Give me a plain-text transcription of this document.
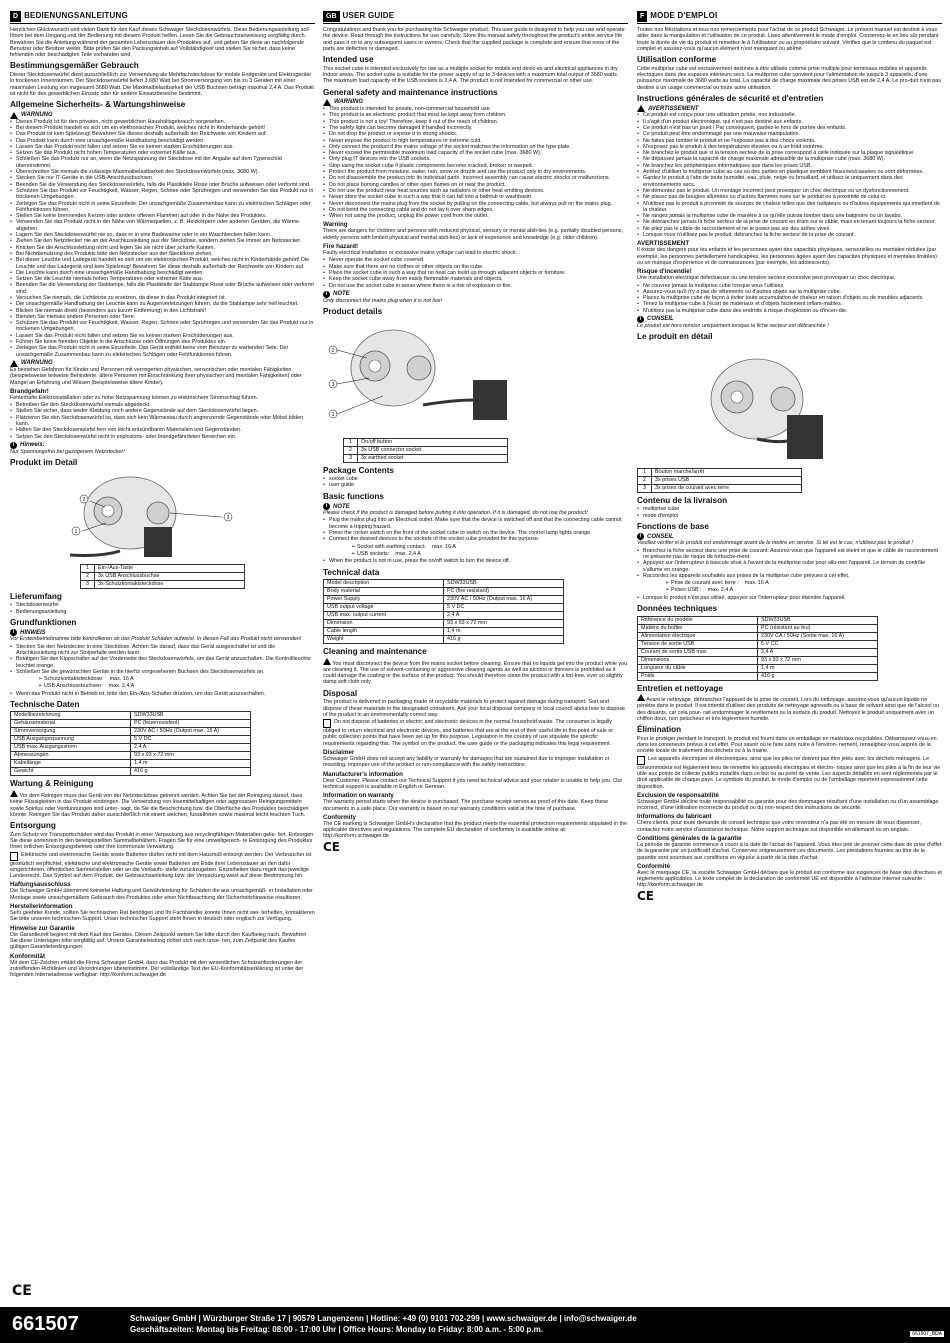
D BEDIENUNGSANLEITUNG

Herzlichen Glückwunsch und vielen Dank für den Kauf dieses Schwaiger Steckdosenwürfels. Diese Bedienungsanleitung soll Ihnen bei dem Umgang und der Bedienung mit diesem Produkt helfen. Lesen Sie die Gebrauchsanweisung sorgfältig durch. Bewahren Sie die Anleitung während der gesamten Lebensdauer des Produktes auf, und geben Sie diese an nachfolgende Benutzer oder Besitzer weiter. Bitte prüfen Sie den Packungsinhalt auf Vollständigkeit und stellen Sie sicher, dass keine fehlenden oder beschädigten Teile vorhanden sind.

Bestimmungsgemäßer Gebrauch

Dieser Steckdosenwürfel dient ausschließlich zur Verwendung als Mehrfachsteckdose für mobile Endgeräte und Elektrogeräte in trockenen Innenräumen. Der Steckdosenwürfel liefert 3.680 Watt bei Stromversorgung von bis zu 3 Geräten mit einer maximalen Leistung von insgesamt 3680 Watt. Die Maximalbelastbarkeit der USB Buchsen beträgt maximal 2,4 A. Das Produkt ist nicht für den gewerblichen Einsatz oder für andere Einsatzbereiche bestimmt.

Allgemeine Sicherheits- & Wartungshinweise
WARNUNG
• Dieses Produkt ist für den privaten, nicht gewerblichen Haushaltsgebrauch vorgesehen.
• Bei diesem Produkt handelt es sich um ein elektronisches Produkt, welches nicht in Kinderhände gehört!
• Das Produkt ist kein Spielzeug! Bewahren Sie dieses deshalb außerhalb der Reichweite von Kindern auf.
• Das Produkt kann durch eine unsachgemäße Handhabung beschädigt werden.
• Lassen Sie das Produkt nicht fallen und setzen Sie es keinen starken Erschütterungen aus.
• Setzen Sie das Produkt nicht hohen Temperaturen oder extremer Kälte aus.
• Schließen Sie das Produkt nur an, wenn die Netzspannung der Steckdose mit der Angabe auf dem Typenschild übereinstimmt.
• Überschreiten Sie niemals die zulässige Maximalbelastbarkeit des Steckdosenwürfels (max. 3680 W).
• Stecken Sie nur IT-Geräte in die USB-Anschlussbuchsen.
• Beenden Sie die Verwendung des Steckdosenwürfels, falls die Plastikteile Risse oder Brüche aufweisen oder verformt sind.
• Schützen Sie das Produkt vor Feuchtigkeit, Wasser, Regen, Schnee oder Sprühregen und verwenden Sie das Produkt nur in trockenen Umgebungen.
• Zerlegen Sie das Produkt nicht in seine Einzelteile. Der unsachgemäße Zusammenbau kann zu elektrischen Schlägen oder Fehlfunktionen führen.
• Stellen Sie keine brennenden Kerzen oder andere offenen Flammen auf oder in die Nähe des Produktes.
• Verwenden Sie das Produkt nicht in der Nähe von Wärmequellen, z. B. Heizkörpern oder anderen Geräten, die Wärme abgeben.
• Lagern Sie den Steckdosenwürfel nie so, dass er in eine Badewanne oder in ein Waschbecken fallen kann.
• Ziehen Sie den Netzstecker nie an der Anschlussleitung aus der Steckdose, sondern ziehen Sie immer am Netzstecker.
• Knicken Sie die Anschlussleitung nicht und legen Sie sie nicht über scharfe Kanten.
• Bei Nichtbenutzung des Produkts bitte den Netzstecker aus der Steckdose ziehen.
• Bei dieser Leuchte und Ladegerät handelt es sich um ein elektronisches Produkt, welches nicht in Kinderhände gehört! Die Leuchte und das Ladegerät sind kein Spielzeug! Bewahren Sie diese deshalb außerhalb der Reichweite von Kindern auf.
• Die Leuchte kann durch eine unsachgemäße Handhabung beschädigt werden.
• Setzen Sie die Leuchte niemals hohen Temperaturen oder extremer Kälte aus.
• Beenden Sie die Verwendung der Stablampe, falls die Plastikteile der Stablampe Risse oder Brüche aufweisen oder verformt sind.
• Versuchen Sie niemals, die Lichtleiste zu ersetzen, da diese in das Produkt integriert ist.
• Die unsachgemäße Handhabung der Leuchte kann zu Augenverletzungen führen, da die Stablampe sehr hell leuchtet.
• Blicken Sie niemals direkt (besonders aus kurzer Entfernung) in den Lichtstrahl!
• Blenden Sie niemals andere Personen oder Tiere.
• Schützen Sie das Produkt vor Feuchtigkeit, Wasser, Regen, Schnee oder Sprühregen und verwenden Sie das Produkt nur in trockenen Umgebungen.
• Lassen Sie das Produkt nicht fallen und setzen Sie es keinen starken Erschütterungen aus.
• Führen Sie keine fremden Objekte in die Anschlüsse oder Öffnungen des Produktes ein.
• Zerlegen Sie das Produkt nicht in seine Einzelteile. Das Gerät enthält keine vom Benutzer zu wartenden Teile. Der unsachgemäße Zusammenbau kann zu elektrischen Schlägen oder Fehlfunktionen führen.
WARNUNG

Es bestehen Gefahren für Kinder und Personen mit verringerten physischen, sensorischen oder mentalen Fähigkeiten (beispielsweise teilweise Behinderte, ältere Personen mit Einschränkung ihrer physischen und mentalen Fähigkeiten) oder Mangel an Erfahrung und Wissen (beispielsweise ältere Kinder).

Brandgefahr!

Fehlerhafte Elektroinstallation oder zu hohe Netzspannung können zu elektrischem Stromschlag führen.

• Betreiben Sie den Steckdosenwürfel niemals abgedeckt.
• Stellen Sie sicher, dass weder Kleidung noch andere Gegenstände auf dem Steckdosenwürfel liegen.
• Platzieren Sie den Steckdosenwürfel so, dass sich kein Wärmestau durch angrenzende Gegenstände oder Möbel bilden kann.
• Halten Sie den Steckdosenwürfel fern von leicht entzündbaren Materialien und Gegenständen.
• Setzen Sie den Steckdosenwürfel nicht in explosions- oder brandgefährdeten Bereichen ein.
i Hinweis:

Nur Spannungsfrei bei gezogenem Netzstecker!

Produkt im Detail
2
1
3
1	Ein-/Aus-Taste
2	3x USB Anschlussbuchse
3	3x Schutzkontaktsteckdose
Lieferumfang
• Steckdosenwürfel
• Bedienungsanleitung
Grundfunktionen
i HINWEIS

Vor Ersteinbetriebnahme bitte kontrollieren ob das Produkt Schäden aufweist. In diesen Fall das Produkt nicht verwenden!

• Stecken Sie den Netzstecker in eine Steckdose. Achten Sie darauf, dass das Gerät ausgeschaltet ist und die Anschlussleitung nicht zur Stolperfalle werden kann.
• Betätigen Sie den Kippschalter auf der Vorderseite des Steckdosenwürfels, um das Gerät anzuschalten. Die Kontrollleuchte leuchtet orange.
• Schließen Sie die gewünschten Geräte in die hierfür vorgesehenen Buchsen des Steckdosenwürfels an.

➢ Schutzkontaktsteckdose: max. 16 A

➢ USB Anschlussbuchsen: max. 2,4 A

• Wenn das Produkt nicht in Betrieb ist, bitte den Ein-/Aus-Schalter drücken, um das Gerät auszuschalten.
Technische Daten
Modellbezeichnung	SDW33USB
Gehäusematerial	PC (feuerresistent)
Stromversorgung	230V AC / 50Hz (Output max. 16 A)
USB Ausgangsspannung	5 V DC
USB max. Ausgangsstrom	2,4 A
Abmessungen	93 x 93 x 72 mm
Kabellänge	1,4 m
Gewicht	416 g
Wartung & Reinigung

Vor dem Reinigen muss das Gerät von der Netzsteckdose getrennt werden. Achten Sie bei der Reinigung darauf, dass keine Flüssigkeiten in das Produkt eindringen. Die Verwendung von lösemittelhaltigen oder aggressiven Reinigungsmitteln sowie Spiritus oder Verdünnungen sind unter- sagt, da Sie die Beschichtung bzw. die Oberfläche des Produktes beschädigen könnte. Reinigen Sie das Produkt daher ausschließlich mit einem weichen, fusselfreien sowie maximal leicht feuchten Tuch.

Entsorgung

Zum Schutz vor Transportschäden wird das Produkt in einer Verpackung aus recyclingfähigen Materialien gelie- fert. Entsorgen Sie diese sortenrein in den bereitgestellten Sammelbehältern. Fragen Sie für eine umweltgerech- te Entsorgung des Produktes Ihren örtlichen Entsorgungsbetrieb oder Ihre kommunale Verwaltung.

Elektrische und elektronische Geräte sowie Batterien dürfen nicht mit dem Hausmüll entsorgt werden. Der Verbraucher ist gesetzlich verpflichtet, elektrische und elektronische Geräte sowie Batterien am Ende ihrer Lebensdauer an den dafür eingerichteten, öffentlichen Sammelstellen oder an die Verkaufs- stelle zurückzugeben. Einzelheiten dazu regelt das jeweilige Landesrecht. Das Symbol auf dem Produkt, der Gebrauchsanleitung bzw. der Verpackung weist auf diese Bestimmung hin.

Haftungsausschluss

Die Schwaiger GmbH übernimmt keinerlei Haftung und Gewährleistung für Schäden die aus unsachgemäß- er Installation oder Montage sowie unsachgemäßem Gebrauch des Produktes oder einer Nichtbeachtung der Sicherheitshinweise resultieren.

Herstellerinformation

Sehr geehrter Kunde, sollten Sie technischen Rat benötigen und Ihr Fachhändler konnte Ihnen nicht wei- terhelfen, kontaktieren Sie bitte unseren technischen Support. Unser technischer Support steht Ihnen in deutsch oder englisch zur Verfügung.

Hinweise zur Garantie

Die Garantiezeit beginnt mit dem Kauf des Gerätes. Diesen Zeitpunkt weisen Sie bitte durch den Kaufbeleg nach. Bewahren Sie diese Unterlagen bitte sorgfältig auf. Unsere Garantieleistung richtet sich nach unse- ren, zum Zeitpunkt des Kaufes gültigen Garantiebedingungen.

Konformität

Mit dem CE-Zeichen erklärt die Firma Schwaiger GmbH, dass das Produkt mit den wesentlichen Schutzanforderungen der zutreffenden Richtlinien und Verordnungen übereinstimmt. Der vollständige Text der EU-Konformitätserklärung ist unter der folgenden Internetadresse verfügbar: http://konform.schwaiger.de

GB USER GUIDE

Congratulations and thank you for purchasing this Schwaiger product. This user guide is designed to help you use and operate the device. Read through the instructions for use carefully. Store this manual safely throughout the product's entire service life and pass it on to any subsequent users or owners. Check that the supplied package is complete and ensure that none of the parts are defective or damaged.

Intended use

This socket cube is intended exclusively for use as a multiple socket for mobile end devic-es and electrical appliances in dry indoor areas. The socket cube is suitable for the power supply of up to 3 devices with a maximum total output of 3680 watts. The maximum load capacity of the USB sockets is 2,4 A. The product is not intended for commercial or other use.

General safety and maintenance instructions
WARNING
• This product is intended for private, non-commercial household use.
• This product is an electronic product that must be kept away from children.
• This product is not a toy! Therefore, keep it out of the reach of children.
• The safety light can become damaged if handled incorrectly.
• Do not drop the product or expose it to strong shocks.
• Never expose the product to high temperatures or extreme cold.
• Only connect the product if the mains voltage of the socket matches the information on the type plate.
• Never exceed the permissible maximum load capacity of the socket cube (max. 3680 W).
• Only plug IT devices into the USB sockets.
• Stop using the socket cube if plastic components become cracked, broken or warped.
• Protect the product from moisture, water, rain, snow or drizzle and use the product only in dry environments.
• Do not disassemble the product into its individual parts. Incorrect assembly can cause electric shocks or malfunctions.
• Do not place burning candles or other open flames on or near the product.
• Do not use the product near heat sources such as radiators or other heat emitting devices.
• Never store the socket cube in such a way that it can fall into a bathtub or washbasin.
• Never disconnect the mains plug from the socket by pulling on the connecting cable, but always pull on the mains plug.
• Do not bend the connecting cable and do not lay it over sharp edges.
• When not using the product, unplug the power cord from the outlet.
Warning

There are dangers for children and persons with reduced physical, sensory or mental abili-ties (e.g. partially disabled persons, elderly persons with limited physical and mental abili-ties) or lack of experience and knowledge (e.g. older children).

Fire hazard!

Faulty electrical installation or excessive mains voltage can lead to electric shock.

• Never operate the socket cube covered.
• Make sure that there are no clothes or other objects on the cube.
• Place the socket cube in such a way that no heat can build up through adjacent objects or furniture.
• Keep the socket cube away from easily flammable materials and objects.
• Do not use the socket cube in areas where there is a risk of explosion or fire.
i NOTE

Only disconnect the mains plug when it is not live!

Product details
2
3
1
1	On/off button
2	3x USB connector socket
3	3x earthed socket
Package Contents
• socket cube
• user guide
Basic functions
i NOTE

Please check if the product is damaged before putting it into operation. If it is damaged, do not use the product!

• Plug the mains plug into an Electrical outlet. Make sure that the device is switched off and that the connecting cable cannot become a tripping hazard.
• Press the rocker switch on the front of the socket cube to switch on the device. The control lamp lights orange.
• Connect the desired devices to the sockets of the socket cube provided for this purpose.

➢ Socket with earthing contact: max. 16 A

➢ USB sockets: max. 2,4 A

• When the product is not in use, press the on/off switch to turn the device off.
Technical data
Model description	SDW33USB
Body material	PC (fire resistant)
Power Supply	230V AC / 50Hz (Output max. 16 A)
USB output voltage	5 V DC
USB max. output current	2,4 A
Dimension	93 x 93 x 72 mm
Cable length	1,4 m
Weight	416 g
Cleaning and maintenance

You must disconnect the device from the mains socket before cleaning. Ensure that no liquids get into the product while you are cleaning it. The use of solvent-containing or aggressive cleaning agents as well as alcohol or thinners is prohibited as it could damage the coating or the surface of the product. You should therefore clean the product with a lint-free, ever so slightly damp soft cloth only.

Disposal

The product is delivered in packaging made of recyclable materials to protect against damage during transport. Sort and dispose of these materials in the designated containers. Ask your local disposal company or local council about how to dispose of the product in an environmentally correct way.

Do not dispose of batteries or electric and electronic devices in the normal household waste. The consumer is legally obliged to return electrical and electronic devices, and batteries that are at the end of their useful life to the point of sale or public collection points that have been set up for this purpose. Legislation in the country of use stipulate the specific requirements regarding this. The symbol on the product, the user guide or the packaging indicates this legal requirement.

Disclaimer

Schwaiger GmbH does not accept any liability or warranty for damages that are sustained due to improper installation or mounting, improper use of the product or non-compliance with the safety instructions.

Manufacturer's information

Dear Customer, Please contact our Technical Support if you need technical advice and your retailer is unable to help you. Our technical support is available in English or German.

Information on warranty

The warranty period starts when the device is purchased. The purchase receipt serves as proof of this date. Keep these documents in a safe place. Our warranty is based on our warranty conditions valid at the time of purchase.

Conformity

The CE marking is Schwaiger GmbH's declaration that the product meets the essential protection requirements stipulated in the applicable directives and regulations. The complete EU declaration of conformity is available online at: http://konform.schwaiger.de

CE
F MODE D'EMPLOI

Toutes nos félicitations et tous nos remerciements pour l'achat de ce produit Schwaiger. Le présent manuel est destiné à vous aider dans la manipulation et l'utilisation de ce produit. Lisez attentivement le mode d'emploi. Conservez-le en lieu sûr pendant toute la durée de vie du produit et remettez-le à l'utilisateur ou au propriétaire suivant. Vérifiez que le contenu du paquet est complet et assurez-vous qu'aucun élément n'est manquant ou abîmé.

Utilisation conforme

Cette multiprise cube est exclusivement destinée à être utilisée comme prise multiple pour terminaux mobiles et appareils électriques dans des espaces intérieurs secs. La multiprise cube convient pour l'alimentation de jusqu'à 3 appareils, d'une puissance maximale de 3680 watts au total. La capacité de charge maximale des prises USB est de 2,4 A. Le pro-duit n'est pas destiné à un usage commercial ou toute autre utilisation.

Instructions générales de sécurité et d'entretien
AVERTISSEMENT
• Ce produit est conçu pour une utilisation privée, non industrielle.
• Il s'agit d'un produit électronique, qui n'est pas destiné aux enfants.
• Ce produit n'est pas un jouet ! Par conséquent, gardez-le hors de portée des enfants.
• Ce produit peut être endommagé par une mauvaise manipulation.
• Ne faites pas tomber le produit et ne l'exposez pas à des chocs violents.
• N'exposez pas le produit à des températures élevées ou à un froid extrême.
• Ne branchez le produit que si la tension secteur de la prise correspond à celle indiquée sur la plaque signalétique.
• Ne dépassez jamais la capacité de charge maximale admissible de la multiprise cube (max. 3680 W).
• Ne branchez les périphériques informatiques que dans les prises USB.
• Arrêtez d'utiliser la multiprise cube au cas où des parties en plastique semblent fissurées/cassées ou sont déformées.
• Gardez le produit à l'abri de toute humidité, eau, pluie, neige ou brouillard, et utilisez-le uniquement dans des environnements secs.
• Ne démontez pas le produit. Un montage incorrect peut provoquer un choc électrique ou un dysfonctionnement.
• Ne placez pas de bougies allumées ou d'autres flammes nues sur le produit ou à proximité de celui-ci.
• N'utilisez pas le produit à proximité de sources de chaleur telles que des radiateurs ou d'autres équipements qui émettent de la chaleur.
• Ne rangez jamais la multiprise cube de manière à ce qu'elle puisse tomber dans une baignoire ou un lavabo.
• Ne débranchez jamais la fiche secteur de la prise de courant en tirant sur le câble, mais en tenant toujours la fiche secteur.
• Ne pliez pas le câble de raccordement et ne le posez pas sur des arêtes vives.
• Lorsque vous n'utilisez pas le produit, débranchez la fiche secteur de la prise de courant.
AVERTISSEMENT

Il existe des dangers pour les enfants et les personnes ayant des capacités physiques, sensorielles ou mentales réduites (par exemple, les personnes partiellement handicapées, les personnes âgées ayant des capacités physiques et mentales limitées) ou un manque d'expérience et de connaissances (par exemple, les adolescents).

Risque d'incendie!

Une installation électrique défectueuse ou une tension secteur excessive peut provoquer un choc électrique.

• Ne couvrez jamais la multiprise cube lorsque vous l'utilisez.
• Assurez-vous qu'il n'y a pas de vêtements ou d'autres objets sur la multiprise cube.
• Placez la multiprise cube de façon à éviter toute accumulation de chaleur en raison d'objets ou de meubles adjacents.
• Tenez la multiprise cube à l'écart de matériaux et d'objets facilement inflam-mables.
• N'utilisez pas la multiprise cube dans des endroits à risque d'explosion ou d'incen-die.
i CONSEIL

Le produit est hors tension uniquement lorsque la fiche secteur est débranchée !

Le produit en détail
1	Bouton marche/arrêt
2	3x prises USB
3	3x prises de courant avec terre
Contenu de la livraison
• multiprise cube
• mode d'emploi
Fonctions de base
i CONSEIL

Veuillez vérifier si le produit est endommagé avant de le mettre en service. Si tel est le cas, n'utilisez pas le produit !

• Branchez la fiche secteur dans une prise de courant. Assurez-vous que l'appareil est éteint et que le câble de raccordement ne présente pas de risque de trébuche-ment.
• Appuyez sur l'interrupteur à bascule situé à l'avant de la multiprise cube pour allu-mer l'appareil. Le témoin de contrôle s'allume en orange.
• Raccordez les appareils souhaités aux prises de la multiprise cube prévues à cet effet.

➢ Prise de courant avec terre : max. 16 A

➢ Prises USB : max. 2,4 A

• Lorsque le produit n'est pas utilisé, appuyez sur l'interrupteur pour éteindre l'appareil.
Données techniques
Référence du modèle	SDW33USB
Matière du boîtier	PC (résistant au feu)
Alimentation électrique	230V CA / 50Hz (Sortie max. 16 A)
Tension de sortie USB	5 V CC
Courant de sortie USB max.	2,4 A
Dimensions	93 x 93 x 72 mm
Longueur du câble	1,4 m
Poids	416 g
Entretien et nettoyage

Avant le nettoyage, débranchez l'appareil de la prise de courant. Lors du nettoyage, assurez-vous qu'aucun liquide ne pénètre dans le produit. Il est interdit d'utiliser des produits de nettoyage agressifs ou à base de solvant ainsi que de l'alcool ou des diluants, car cela pour- rait endommager le revêtement ou la surface du produit. Nettoyez le produit uniquement avec un chiffon doux, non pelucheux et très légèrement humide.

Élimination

Pour le protéger pendant le transport, le produit est fourni dans un emballage en matériaux recyclables. Débarrassez-vous-en dans les conteneurs prévus à cet effet. Pour savoir où le faire sans nuire à l'environ- nement, renseignez-vous auprès de la société locale de traitement des déchets ou à la mairie.

Les appareils électriques et électroniques, ainsi que les piles ne doivent pas être jetés avec les déchets ménagers. Le consommateur est légalement tenu de remettre les appareils électriques et électro- niques ainsi que les piles à la fin de leur vie utile aux points de collecte publics installés dans ce but ou au point de vente. Les aspects détaillés en sont réglementés par le droit applicable de chaque pays. Le symbole du produit, le mode d'emploi ou de l'emballage reportent expressément cette disposition.

Exclusion de responsabilité

Schwaiger GmbH décline toute responsabilité ou garantie pour des dommages résultant d'une installation ou d'un assemblage incorrect, d'une utilisation incorrecte du produit ou du non-respect des instructions de sécurité.

Informations du fabricant

Chers clients, pour toute demande de conseil technique que votre revendeur n'a pas été en mesure de vous dispenser, contactez notre service d'assistance technique. Notre support technique est disponible en allemand ou en anglais.

Conditions générales de la garantie

La période de garantie commence à courir à la date de l'achat de l'appareil. Vous êtes prié de prouver cette date de prise d'effet de la garantie par un justificatif d'achat. Conservez soigneusement ces documents. Les prestations fournies au titre de la garantie sont soumises aux conditions en vigueur à partir de la date d'achat.

Conformité

Avec le marquage CE, la société Schwaiger GmbH déclare que le produit est conforme aux exigences de base des directives et règlements applicables. Le texte complet de la déclaration de conformité UE est disponible à l'adresse Internet suivante : http://konform.schwaiger.de

CE
CE
661507	Schwaiger GmbH | Würzburger Straße 17 | 90579 Langenzenn | Hotline: +49 (0) 9101 702-299 | www.schwaiger.de | info@schwaiger.de
Geschäftszeiten: Montag bis Freitag: 08:00 - 17:00 Uhr | Office Hours: Monday to Friday: 8:00 a.m. - 5:00 p.m.	661507_BDA
